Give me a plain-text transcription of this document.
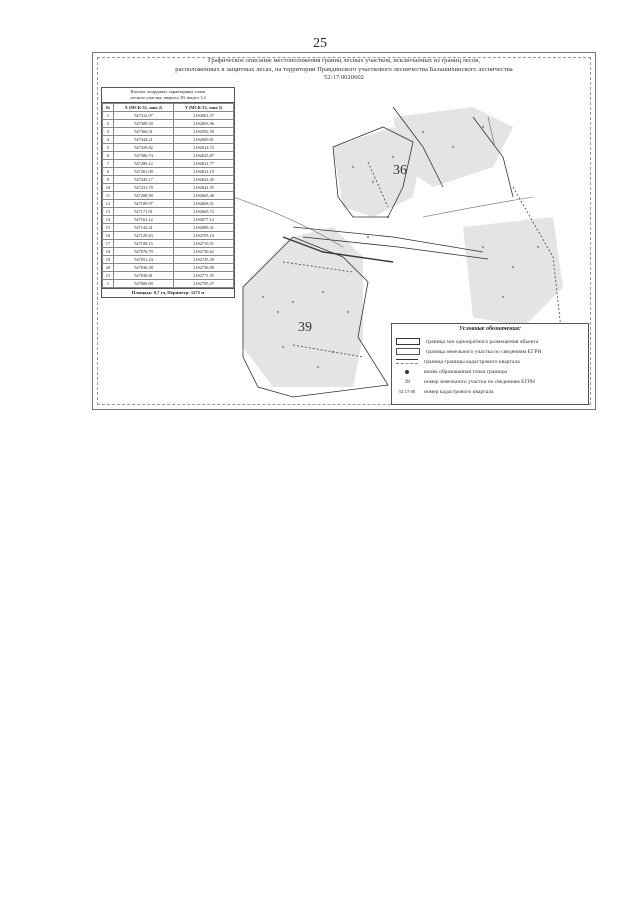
25
Графическое описание местоположения границ лесных участков, исключаемых из границ лесов,
расположенных в защитных лесах, на территории Правдинского участкового лесничества Балашихинского лесничества
52:17:0020602
36
39
Каталог координат характерных точек
лесного участка, квартал 39, выдел 1,2
№	X (МСК-52, зона 2)	Y (МСК-52, зона 2)
1	547412,97	2182601,37
2	547389,50	2182603,96
3	547360,31	2182592,50
4	547344,21	2182609,81
5	547329,82	2182612,72
6	547306,74	2182625,87
7	547280,12	2182631,77
8	547261,09	2182631,10
9	547245,17	2182632,45
10	547231,70	2182641,55
11	547208,90	2182665,40
12	547189,97	2182668,51
13	547171,91	2182665,72
14	547161,12	2182677,12
15	547142,31	2182689,31
16	547129,63	2182703,10
17	547108,15	2182710,51
18	547076,79	2182730,62
19	547051,24	2182745,39
20	547036,38	2182756,98
21	547030,81	2182771,55
1	547000,00	2182795,37
Площадь: 0,7 га, Периметр: 1275 м
Условные обозначения:
граница зон однократного размещения объекта
граница земельного участка по сведениям ЕГРН
граница границы кадастрового квартала
вновь образованная точка границы
39	номер земельного участка по сведениям ЕГРН
52:17:00	номер кадастрового квартала
